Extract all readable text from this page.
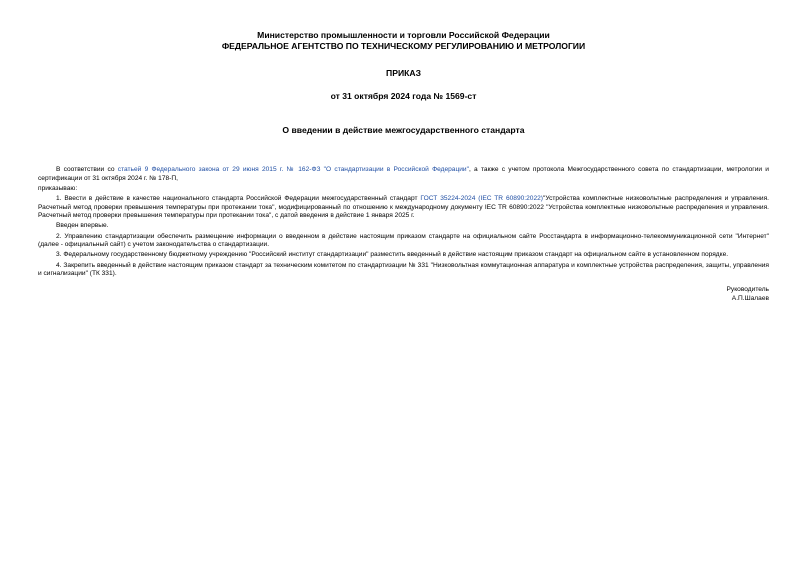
Министерство промышленности и торговли Российской Федерации
ФЕДЕРАЛЬНОЕ АГЕНТСТВО ПО ТЕХНИЧЕСКОМУ РЕГУЛИРОВАНИЮ И МЕТРОЛОГИИ
ПРИКАЗ
от 31 октября 2024 года № 1569-ст
О введении в действие межгосударственного стандарта

В соответствии со статьей 9 Федерального закона от 29 июня 2015 г. № 162-ФЗ "О стандартизации в Российской Федерации", а также с учетом протокола Межгосударственного совета по стандартизации, метрологии и сертификации от 31 октября 2024 г. № 178-П,

приказываю:

1. Ввести в действие в качестве национального стандарта Российской Федерации межгосударственный стандарт ГОСТ 35224-2024 (IEC TR 60890:2022)"Устройства комплектные низковольтные распределения и управления. Расчетный метод проверки превышения температуры при протекании тока", модифицированный по отношению к международному документу IEC TR 60890:2022 "Устройства комплектные низковольтные распределения и управления. Расчетный метод проверки превышения температуры при протекании тока", с датой введения в действие 1 января 2025 г.

Введен впервые.

2. Управлению стандартизации обеспечить размещение информации о введенном в действие настоящим приказом стандарте на официальном сайте Росстандарта в информационно-телекоммуникационной сети "Интернет" (далее - официальный сайт) с учетом законодательства о стандартизации.

3. Федеральному государственному бюджетному учреждению "Российский институт стандартизации" разместить введенный в действие настоящим приказом стандарт на официальном сайте в установленном порядке.

4. Закрепить введенный в действие настоящим приказом стандарт за техническим комитетом по стандартизации № 331 "Низковольтная коммутационная аппаратура и комплектные устройства распределения, защиты, управления и сигнализации" (ТК 331).

Руководитель
А.П.Шалаев
